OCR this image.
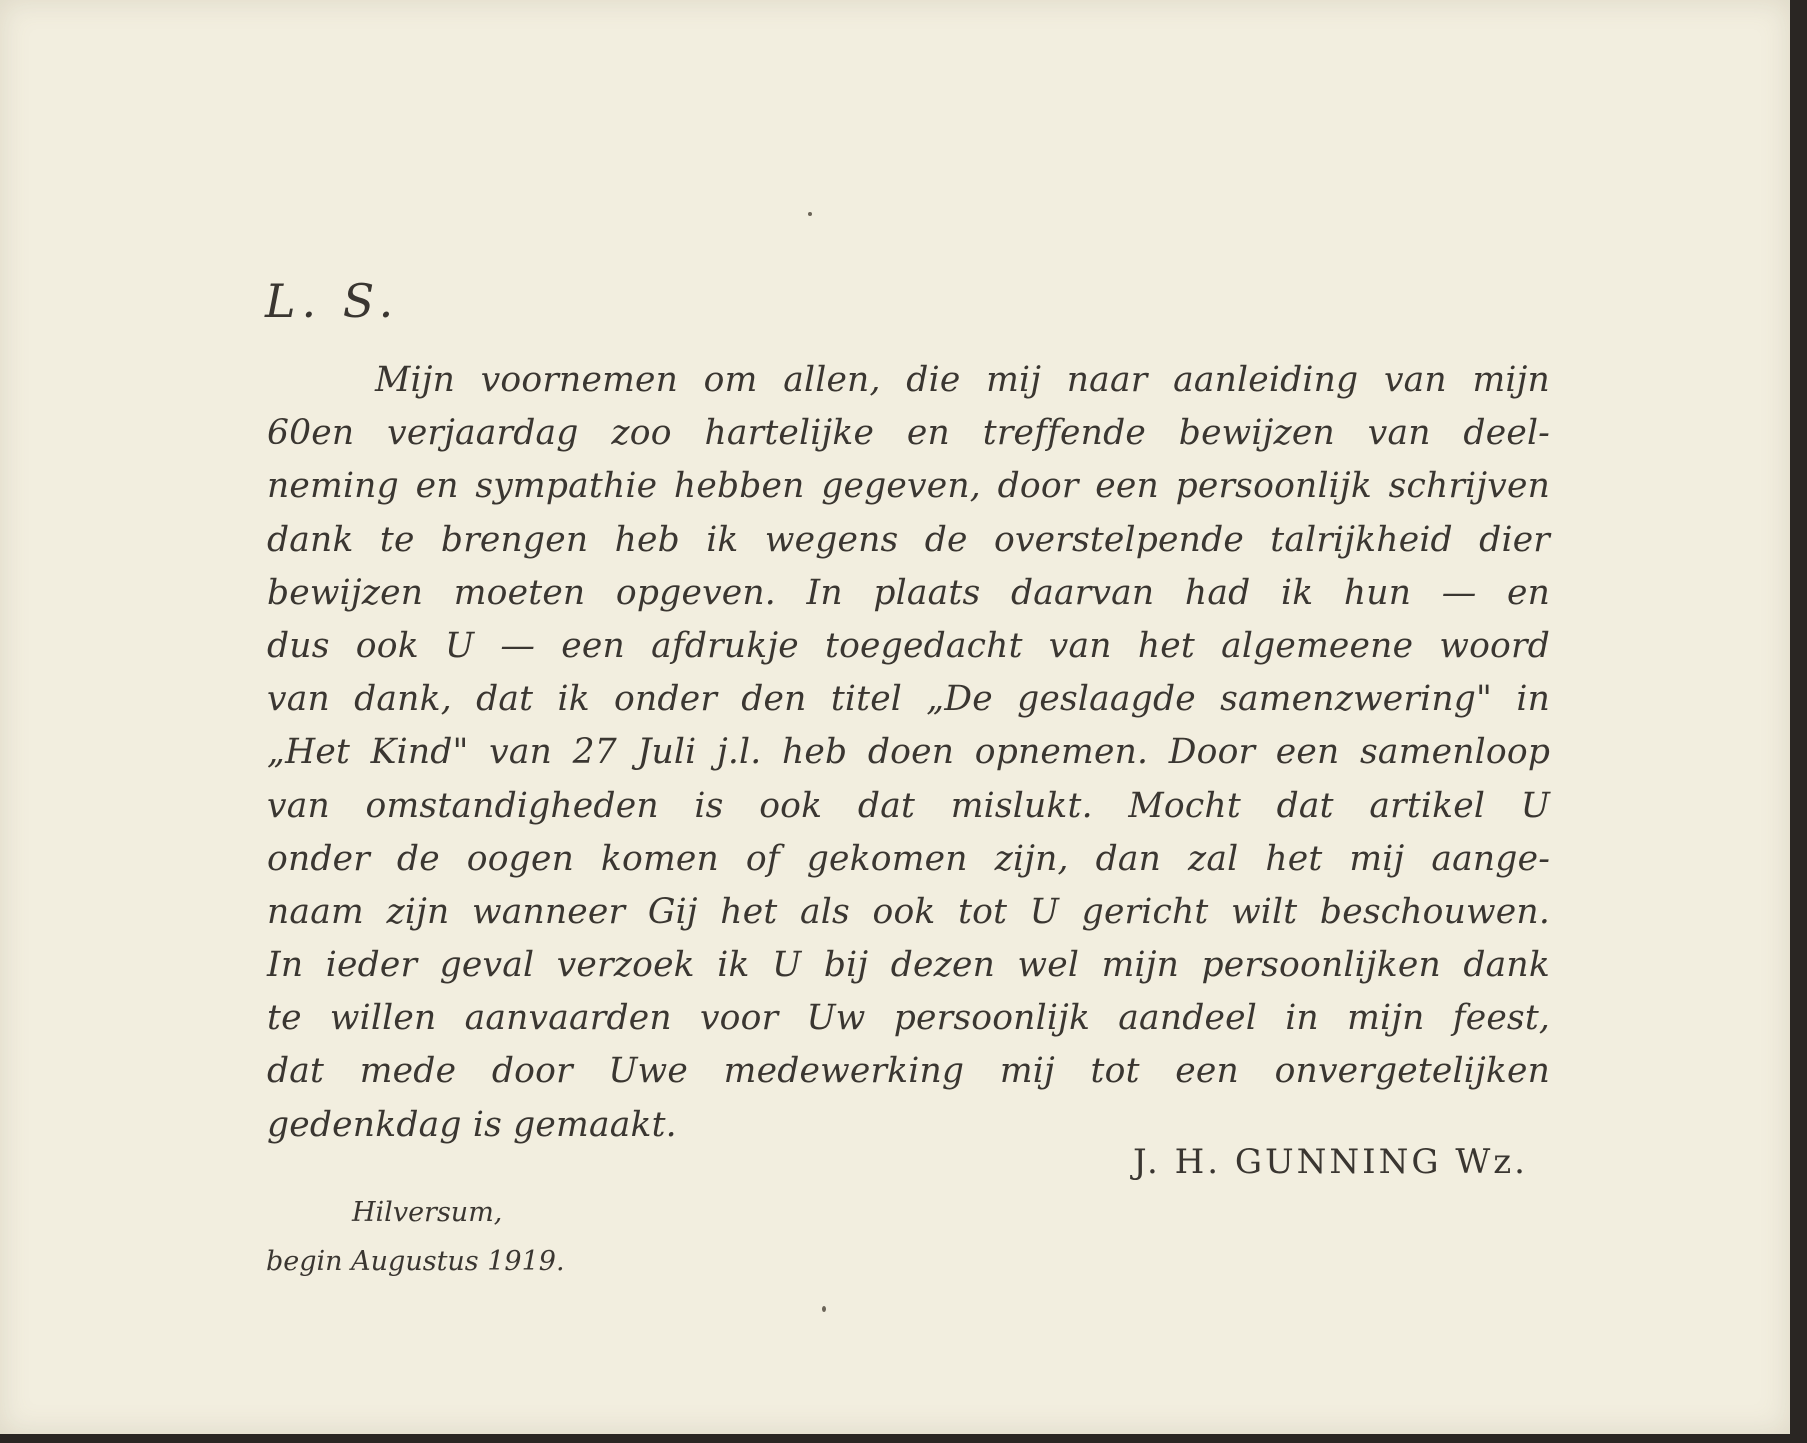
L. S.
Mijn voornemen om allen, die mij naar aanleiding van mijn
60en verjaardag zoo hartelijke en treffende bewijzen van deel-
neming en sympathie hebben gegeven, door een persoonlijk schrijven
dank te brengen heb ik wegens de overstelpende talrijkheid dier
bewijzen moeten opgeven. In plaats daarvan had ik hun — en
dus ook U — een afdrukje toegedacht van het algemeene woord
van dank, dat ik onder den titel „De geslaagde samenzwering" in
„Het Kind" van 27 Juli j.l. heb doen opnemen. Door een samenloop
van omstandigheden is ook dat mislukt. Mocht dat artikel U
onder de oogen komen of gekomen zijn, dan zal het mij aange-
naam zijn wanneer Gij het als ook tot U gericht wilt beschouwen.
In ieder geval verzoek ik U bij dezen wel mijn persoonlijken dank
te willen aanvaarden voor Uw persoonlijk aandeel in mijn feest,
dat mede door Uwe medewerking mij tot een onvergetelijken
gedenkdag is gemaakt.
J. H. GUNNING Wz.
Hilversum,
begin Augustus 1919.
